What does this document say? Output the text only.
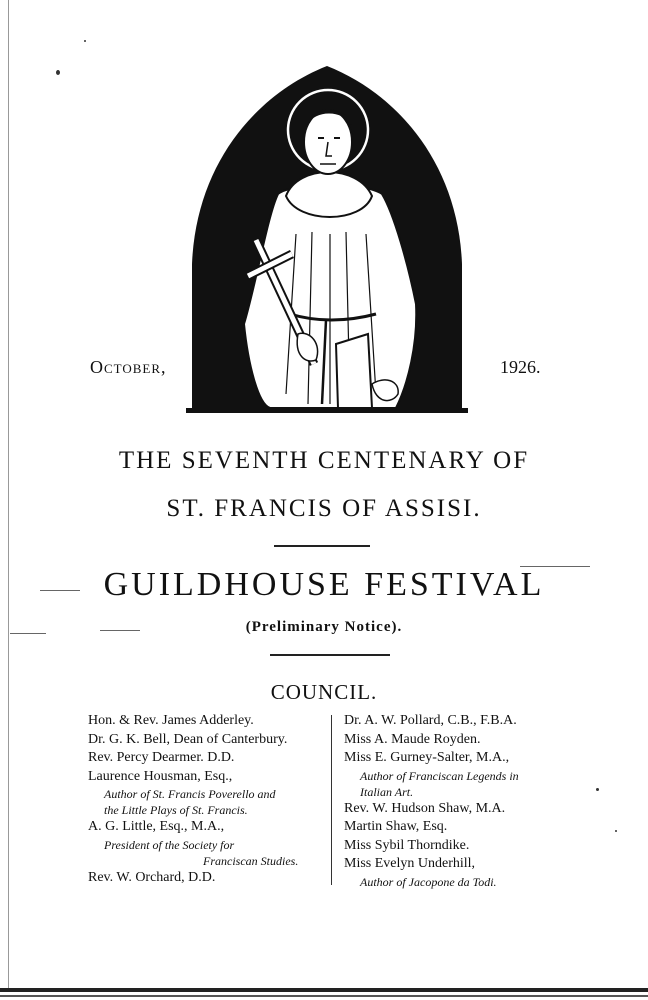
October,	1926.
THE SEVENTH CENTENARY OF
ST. FRANCIS OF ASSISI.
GUILDHOUSE FESTIVAL
(Preliminary Notice).
COUNCIL.
Hon. & Rev. James Adderley.
Dr. G. K. Bell, Dean of Canterbury.
Rev. Percy Dearmer. D.D.
Laurence Housman, Esq.,
Author of St. Francis Poverello and
the Little Plays of St. Francis.
A. G. Little, Esq., M.A.,
President of the Society for
Franciscan Studies.
Rev. W. Orchard, D.D.
Dr. A. W. Pollard, C.B., F.B.A.
Miss A. Maude Royden.
Miss E. Gurney-Salter, M.A.,
Author of Franciscan Legends in
Italian Art.
Rev. W. Hudson Shaw, M.A.
Martin Shaw, Esq.
Miss Sybil Thorndike.
Miss Evelyn Underhill,
Author of Jacopone da Todi.
